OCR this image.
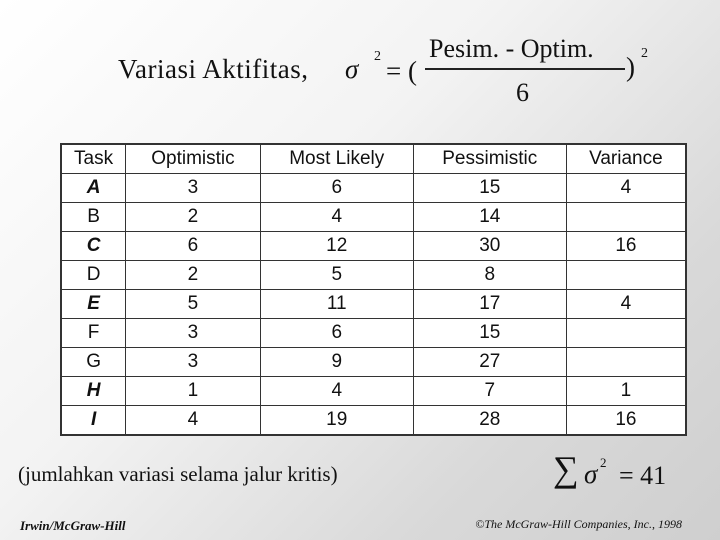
Variasi Aktifitas, σ 2 = (
Pesim. - Optim.
6
) 2
Task	Optimistic	Most Likely	Pessimistic	Variance
A	3	6	15	4
B	2	4	14	
C	6	12	30	16
D	2	5	8	
E	5	11	17	4
F	3	6	15	
G	3	9	27	
H	1	4	7	1
I	4	19	28	16
(jumlahkan variasi selama jalur kritis)	∑ σ 2 = 41
Irwin/McGraw-Hill	©The McGraw-Hill Companies, Inc., 1998
